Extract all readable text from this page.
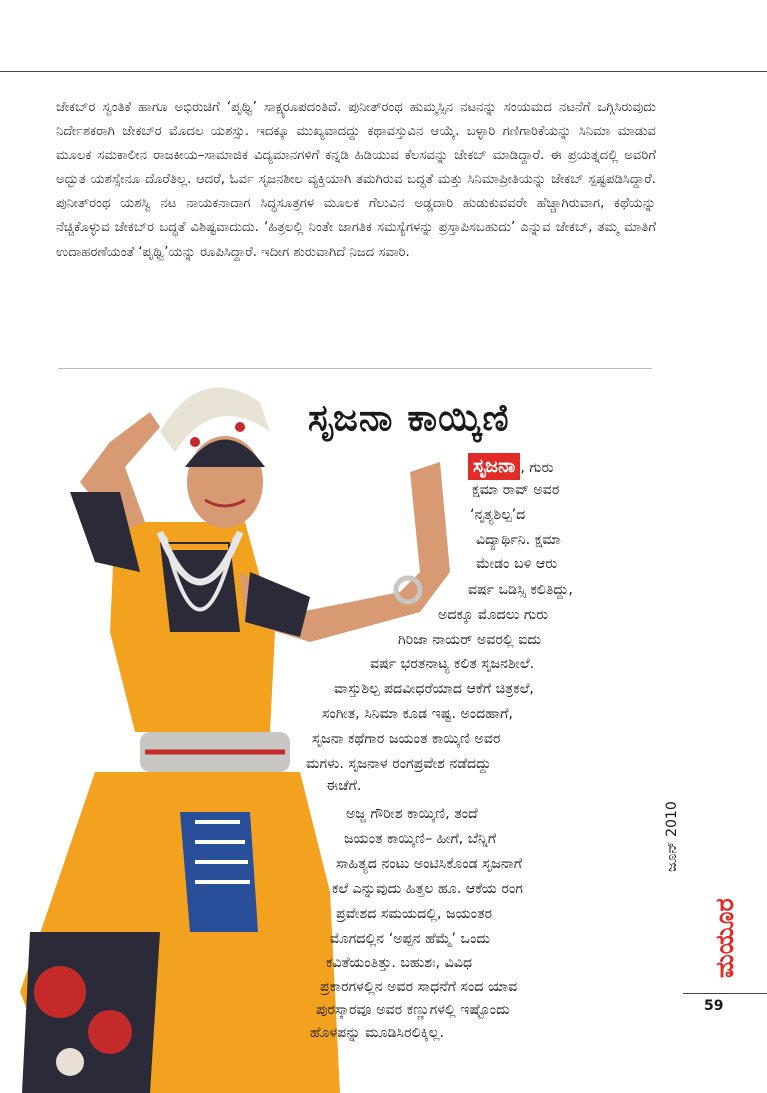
ಜೇಕಬ್‌ರ ಸ್ವಂತಿಕೆ ಹಾಗೂ ಅಭಿರುಚಿಗೆ ‘ಪೃಥ್ವಿ’ ಸಾಕ್ಷ್ಯರೂಪದಂತಿದೆ. ಪುನೀತ್‌ರಂಥ ಹುಮ್ಮಸ್ಸಿನ ನಟನನ್ನು ಸಂಯಮದ ನಟನೆಗೆ ಒಗ್ಗಿಸಿರುವುದು ನಿರ್ದೇಶಕರಾಗಿ ಜೇಕಬ್‌ರ ಮೊದಲ ಯಶಸ್ಸು. ಇದಕ್ಕೂ ಮುಖ್ಯವಾದದ್ದು ಕಥಾವಸ್ತುವಿನ ಆಯ್ಕೆ. ಬಳ್ಳಾರಿ ಗಣಿಗಾರಿಕೆಯನ್ನು ಸಿನಿಮಾ ಮಾಡುವ ಮೂಲಕ ಸಮಕಾಲೀನ ರಾಜಕೀಯ–ಸಾಮಾಜಿಕ ವಿದ್ಯಮಾನಗಳಿಗೆ ಕನ್ನಡಿ ಹಿಡಿಯುವ ಕೆಲಸವನ್ನು ಜೇಕಬ್ ಮಾಡಿದ್ದಾರೆ. ಈ ಪ್ರಯತ್ನದಲ್ಲಿ ಅವರಿಗೆ ಅದ್ಭುತ ಯಶಸ್ಸೇನೂ ದೊರೆತಿಲ್ಲ. ಆದರೆ, ಓರ್ವ ಸೃಜನಶೀಲ ವ್ಯಕ್ತಿಯಾಗಿ ತಮಗಿರುವ ಬದ್ಧತೆ ಮತ್ತು ಸಿನಿಮಾಪ್ರೀತಿಯನ್ನು ಜೇಕಬ್ ಸ್ಪಷ್ಟಪಡಿಸಿದ್ದಾರೆ. ಪುನೀತ್‌ರಂಥ ಯಶಸ್ವಿ ನಟ ನಾಯಕನಾದಾಗ ಸಿದ್ಧಸೂತ್ರಗಳ ಮೂಲಕ ಗೆಲುವಿನ ಅಡ್ಡದಾರಿ ಹುಡುಕುವವರೇ ಹೆಚ್ಚಾಗಿರುವಾಗ, ಕಥೆಯನ್ನು ನೆಚ್ಚಿಕೊಳ್ಳುವ ಜೇಕಬ್‌ರ ಬದ್ಧತೆ ವಿಶಿಷ್ಟವಾದುದು. ‘ಹಿತ್ರಲಲ್ಲಿ ನಿಂತೇ ಜಾಗತಿಕ ಸಮಸ್ಯೆಗಳನ್ನು ಪ್ರಸ್ತಾಪಿಸಬಹುದು’ ಎನ್ನುವ ಜೇಕಬ್, ತಮ್ಮ ಮಾತಿಗೆ ಉದಾಹರಣೆಯಂತೆ ‘ಪೃಥ್ವಿ’ಯನ್ನು ರೂಪಿಸಿದ್ದಾರೆ. ಇದೀಗ ಶುರುವಾಗಿದೆ ನಿಜದ ಸವಾರಿ.

ಸೃಜನಾ ಕಾಯ್ಕಿಣಿ
ಸೃಜನಾ , ಗುರು
ಕ್ಷಮಾ ರಾವ್ ಅವರ
‘ನೃತ್ಯಶಿಲ್ಪ’ದ
ವಿದ್ಯಾರ್ಥಿನಿ. ಕ್ಷಮಾ
ಮೇಡಂ ಬಳಿ ಆರು
ವರ್ಷ ಒಡಿಸ್ಸಿ ಕಲಿತಿದ್ದು,
ಅದಕ್ಕೂ ಮೊದಲು ಗುರು
ಗಿರಿಜಾ ನಾಯರ್ ಅವರಲ್ಲಿ ಐದು
ವರ್ಷ ಭರತನಾಟ್ಯ ಕಲಿತ ಸೃಜನಶೀಲೆ.
ವಾಸ್ತುಶಿಲ್ಪ ಪದವೀಧರೆಯಾದ ಆಕೆಗೆ ಚಿತ್ರಕಲೆ,
ಸಂಗೀತ, ಸಿನಿಮಾ ಕೂಡ ಇಷ್ಟ. ಅಂದಹಾಗೆ,
ಸೃಜನಾ ಕಥೆಗಾರ ಜಯಂತ ಕಾಯ್ಕಿಣಿ ಅವರ
ಮಗಳು. ಸೃಜನಾಳ ರಂಗಪ್ರವೇಶ ನಡೆದದ್ದು
ಈಚೆಗೆ.
ಅಜ್ಜ ಗೌರೀಶ ಕಾಯ್ಕಿಣಿ, ತಂದೆ
ಜಯಂತ ಕಾಯ್ಕಿಣಿ– ಹೀಗೆ, ಬೆನ್ನಿಗೆ
ಸಾಹಿತ್ಯದ ನಂಟು ಅಂಟಿಸಿಕೊಂಡ ಸೃಜನಾಗೆ
ಕಲೆ ಎನ್ನುವುದು ಹಿತ್ತಲ ಹೂ. ಆಕೆಯ ರಂಗ
ಪ್ರವೇಶದ ಸಮಯದಲ್ಲಿ, ಜಯಂತರ
ಮೊಗದಲ್ಲಿನ ‘ಅಪ್ಪನ ಹೆಮ್ಮೆ’ ಒಂದು
ಕವಿತೆಯಂತಿತ್ತು. ಬಹುಶಃ, ವಿವಿಧ
ಪ್ರಕಾರಗಳಲ್ಲಿನ ಅವರ ಸಾಧನೆಗೆ ಸಂದ ಯಾವ
ಪುರಸ್ಕಾರವೂ ಅವರ ಕಣ್ಣುಗಳಲ್ಲಿ ಇಷ್ಟೊಂದು
ಹೊಳಪನ್ನು ಮೂಡಿಸಿರಲಿಕ್ಕಿಲ್ಲ.
ಜೂನ್ 2010
ಮಯೂರ
59
